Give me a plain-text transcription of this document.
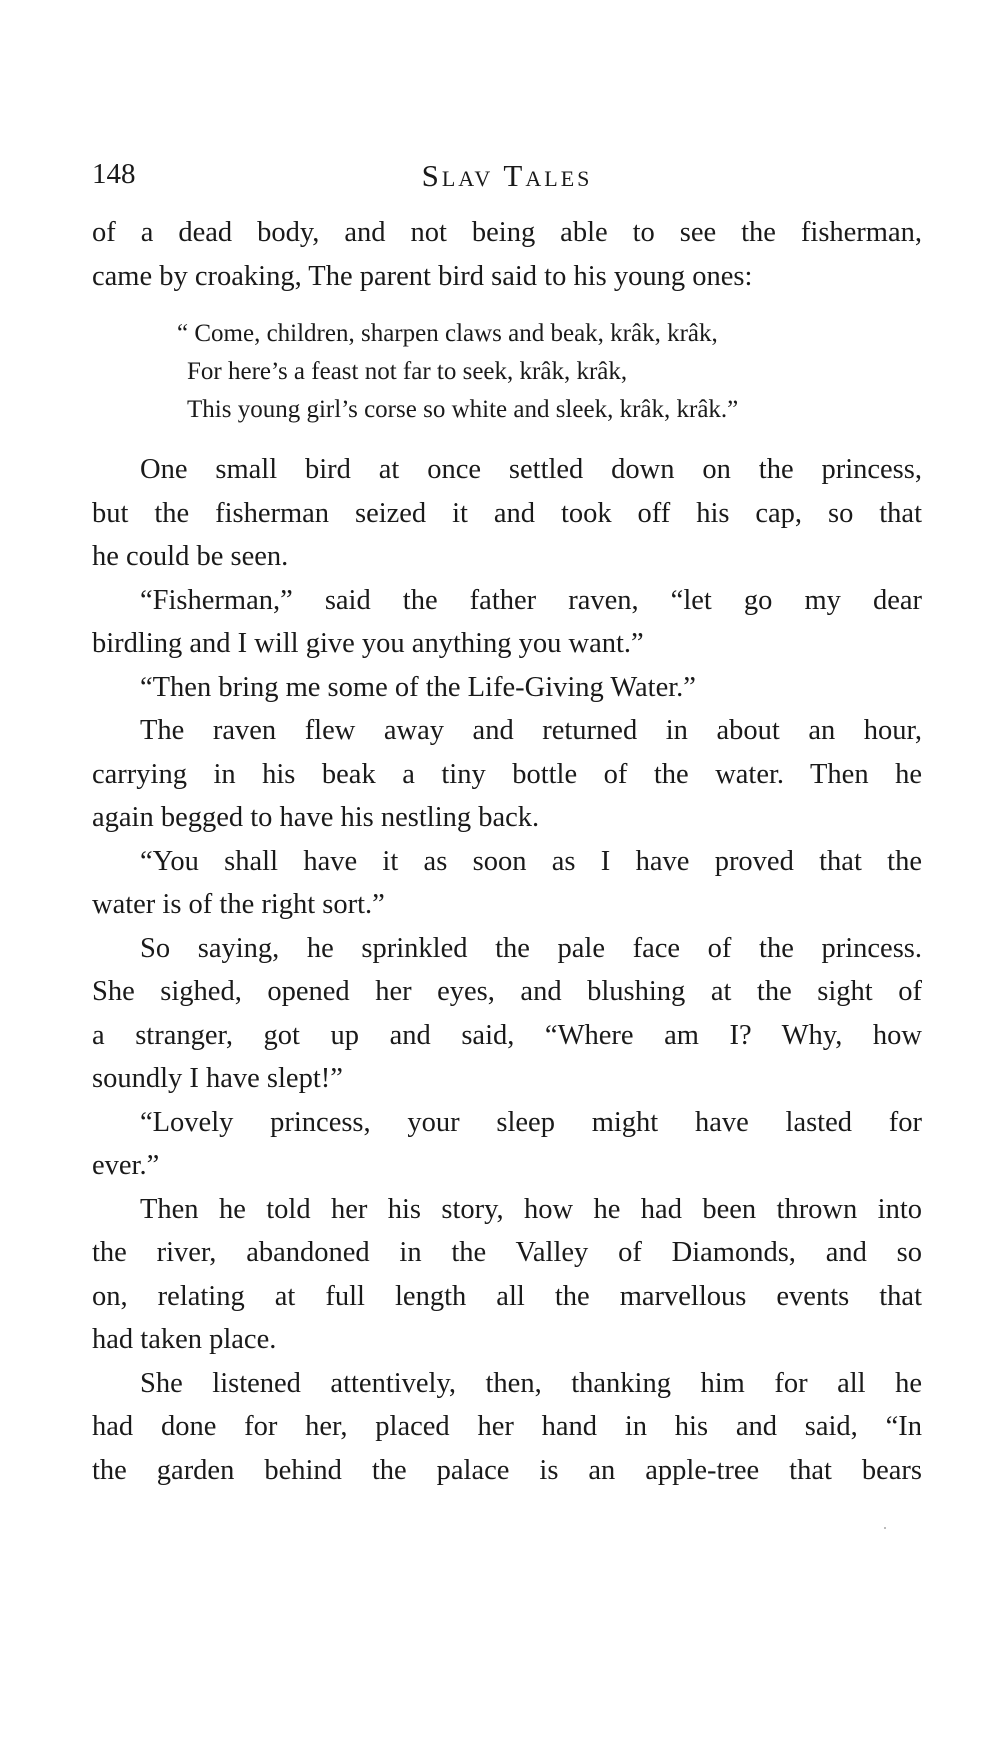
148	Slav Tales
of a dead body, and not being able to see the fisherman,
came by croaking, The parent bird said to his young ones:
“ Come, children, sharpen claws and beak, krâk, krâk,
For here’s a feast not far to seek, krâk, krâk,
This young girl’s corse so white and sleek, krâk, krâk.”
One small bird at once settled down on the princess,
but the fisherman seized it and took off his cap, so that
he could be seen.
“Fisherman,” said the father raven, “let go my dear
birdling and I will give you anything you want.”
“Then bring me some of the Life-Giving Water.”
The raven flew away and returned in about an hour,
carrying in his beak a tiny bottle of the water. Then he
again begged to have his nestling back.
“You shall have it as soon as I have proved that the
water is of the right sort.”
So saying, he sprinkled the pale face of the princess.
She sighed, opened her eyes, and blushing at the sight of
a stranger, got up and said, “Where am I? Why, how
soundly I have slept!”
“Lovely princess, your sleep might have lasted for
ever.”
Then he told her his story, how he had been thrown into
the river, abandoned in the Valley of Diamonds, and so
on, relating at full length all the marvellous events that
had taken place.
She listened attentively, then, thanking him for all he
had done for her, placed her hand in his and said, “In
the garden behind the palace is an apple-tree that bears
